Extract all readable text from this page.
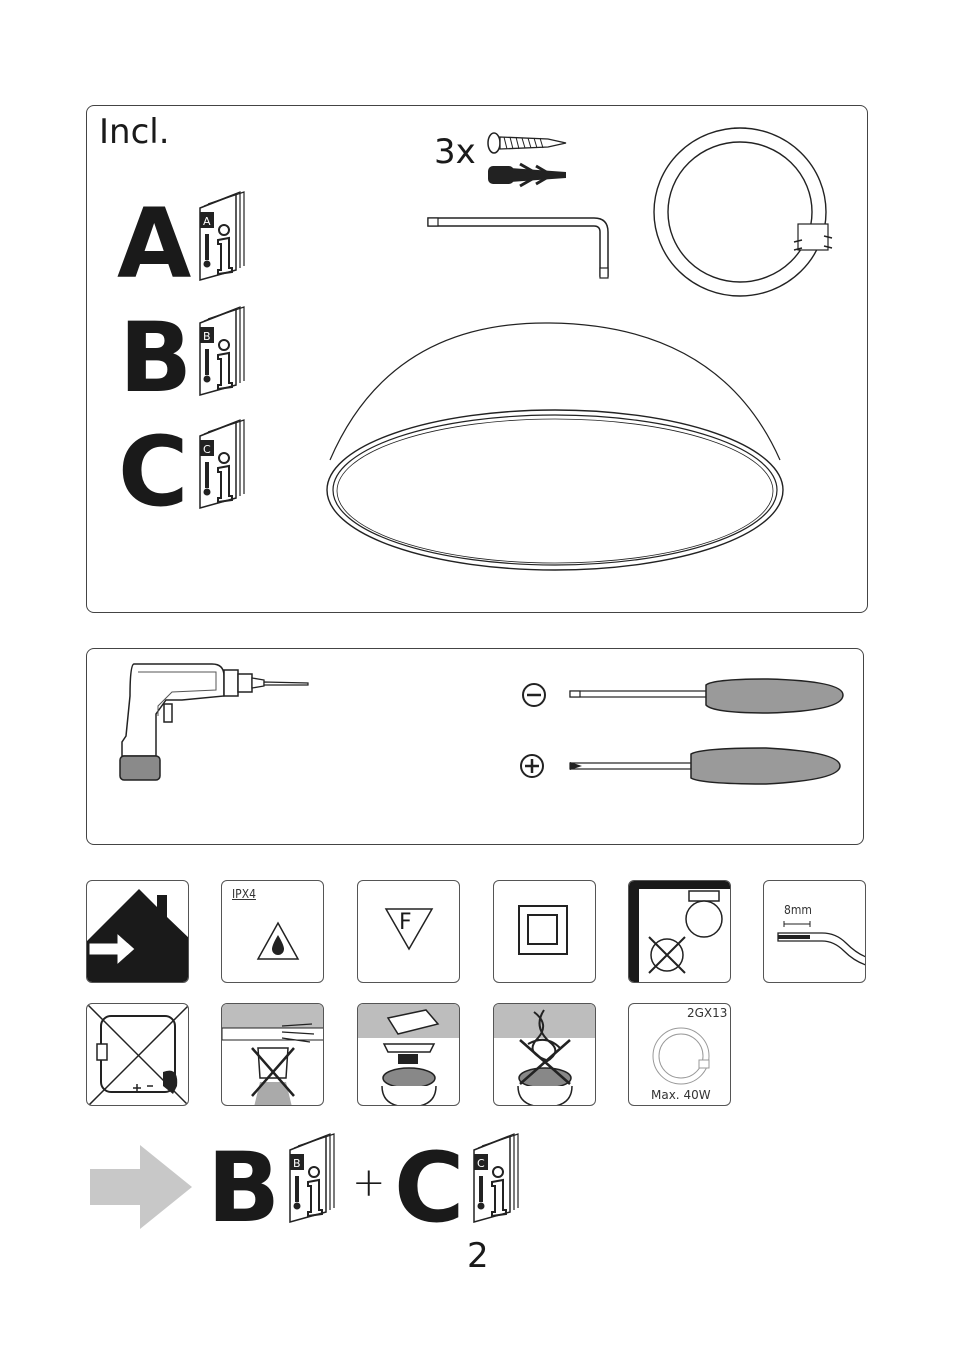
Incl.
A
B
C
A
B
C
3x
IPX4
F	8mm
2GX13
Max. 40W
B B + C C
2
